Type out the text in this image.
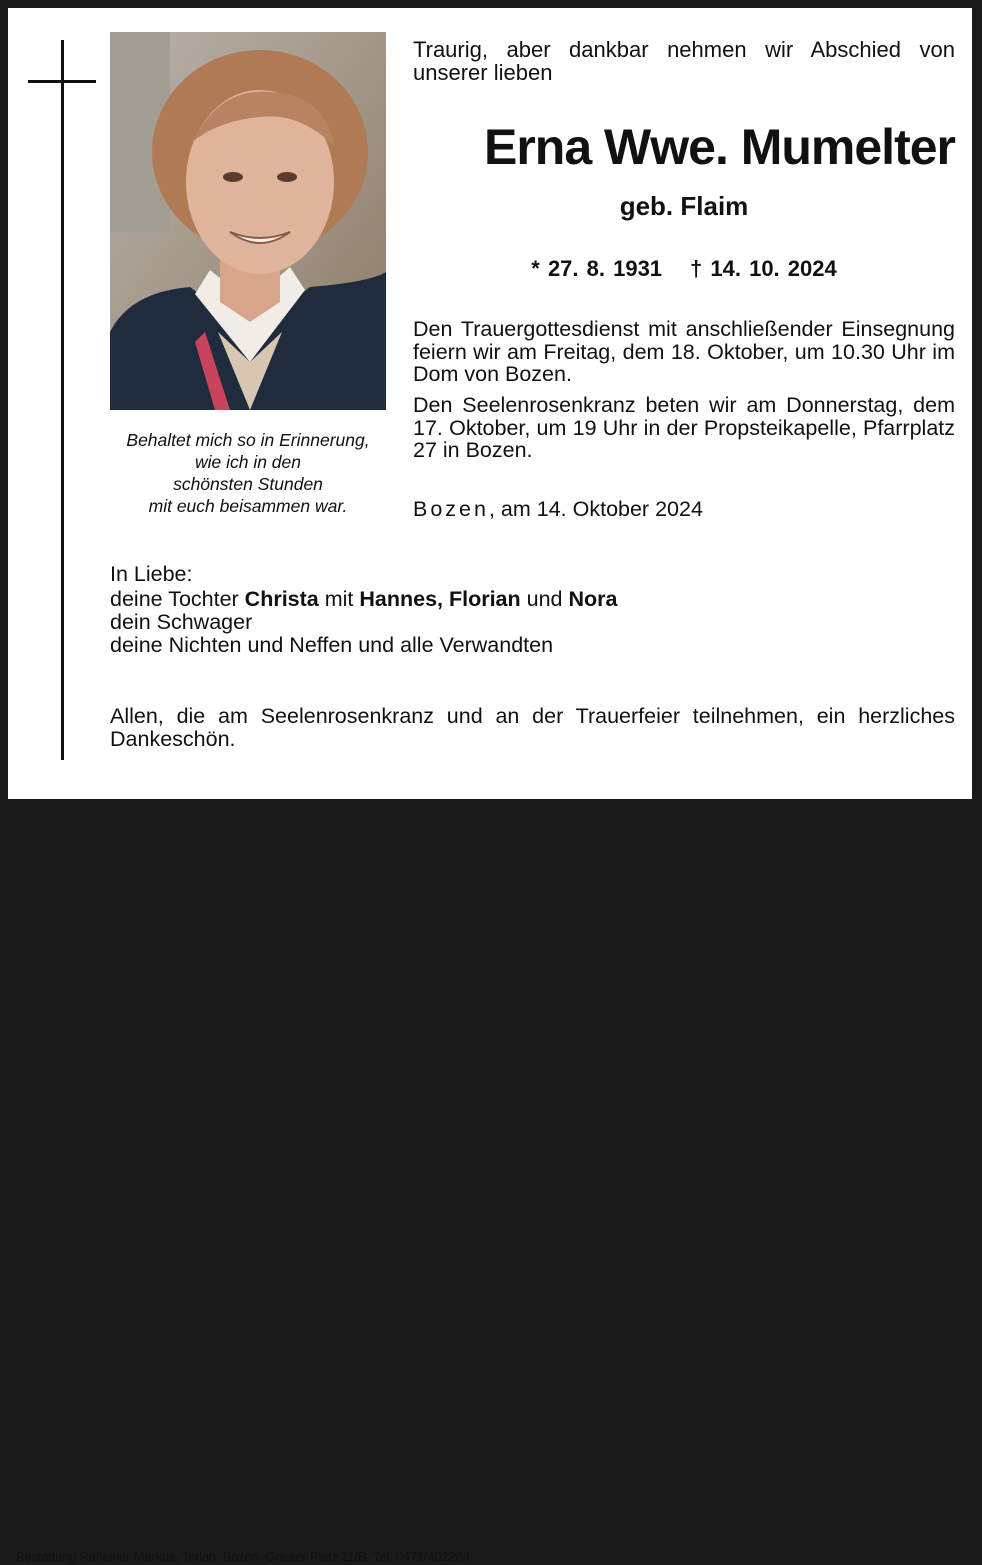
Behaltet mich so in Erinnerung,
wie ich in den
schönsten Stunden
mit euch beisammen war.
Traurig, aber dankbar nehmen wir Abschied von unserer lieben
Erna Wwe. Mumelter
geb. Flaim
* 27. 8. 1931 † 14. 10. 2024
Den Trauergottesdienst mit anschließender Einsegnung feiern wir am Freitag, dem 18. Oktober, um 10.30 Uhr im Dom von Bozen.
Den Seelenrosenkranz beten wir am Donnerstag, dem 17. Oktober, um 19 Uhr in der Propsteikapelle, Pfarrplatz 27 in Bozen.
Bozen, am 14. Oktober 2024
In Liebe:
deine Tochter Christa mit Hannes, Florian und Nora
dein Schwager
deine Nichten und Neffen und alle Verwandten
Allen, die am Seelenrosenkranz und an der Trauerfeier teilnehmen, ein herzliches Dankeschön.
Bestattung Raffeiner Markus, Terlan, Bozen, Grieser Platz 11/B, Tel. 0471/402286
